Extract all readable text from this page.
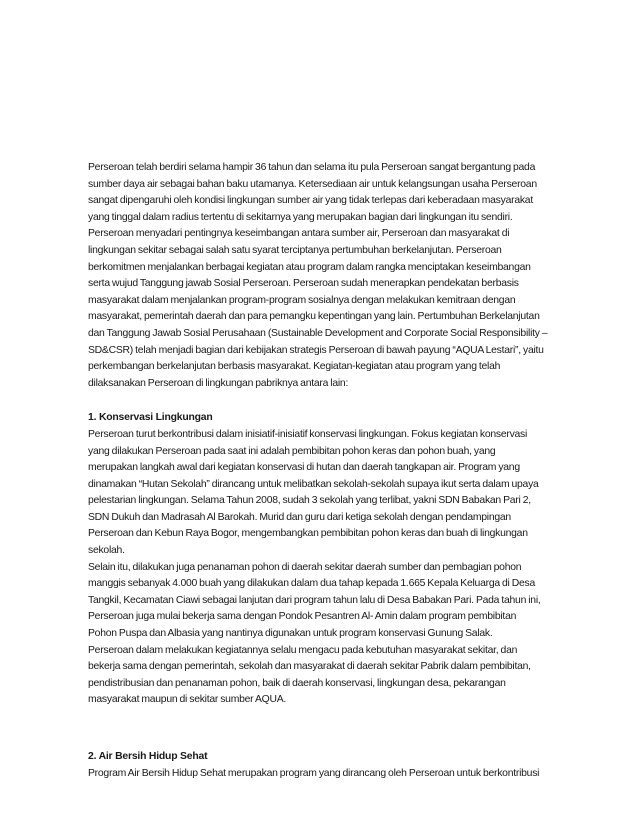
Perseroan telah berdiri selama hampir 36 tahun dan selama itu pula Perseroan sangat bergantung pada
sumber daya air sebagai bahan baku utamanya. Ketersediaan air untuk kelangsungan usaha Perseroan
sangat dipengaruhi oleh kondisi lingkungan sumber air yang tidak terlepas dari keberadaan masyarakat
yang tinggal dalam radius tertentu di sekitarnya yang merupakan bagian dari lingkungan itu sendiri.
Perseroan menyadari pentingnya keseimbangan antara sumber air, Perseroan dan masyarakat di
lingkungan sekitar sebagai salah satu syarat terciptanya pertumbuhan berkelanjutan. Perseroan
berkomitmen menjalankan berbagai kegiatan atau program dalam rangka menciptakan keseimbangan
serta wujud Tanggung jawab Sosial Perseroan. Perseroan sudah menerapkan pendekatan berbasis
masyarakat dalam menjalankan program-program sosialnya dengan melakukan kemitraan dengan
masyarakat, pemerintah daerah dan para pemangku kepentingan yang lain. Pertumbuhan Berkelanjutan
dan Tanggung Jawab Sosial Perusahaan (Sustainable Development and Corporate Social Responsibility –
SD&CSR) telah menjadi bagian dari kebijakan strategis Perseroan di bawah payung “AQUA Lestari”, yaitu
perkembangan berkelanjutan berbasis masyarakat. Kegiatan-kegiatan atau program yang telah
dilaksanakan Perseroan di lingkungan pabriknya antara lain:

1. Konservasi Lingkungan

Perseroan turut berkontribusi dalam inisiatif-inisiatif konservasi lingkungan. Fokus kegiatan konservasi
yang dilakukan Perseroan pada saat ini adalah pembibitan pohon keras dan pohon buah, yang
merupakan langkah awal dari kegiatan konservasi di hutan dan daerah tangkapan air. Program yang
dinamakan “Hutan Sekolah” dirancang untuk melibatkan sekolah-sekolah supaya ikut serta dalam upaya
pelestarian lingkungan. Selama Tahun 2008, sudah 3 sekolah yang terlibat, yakni SDN Babakan Pari 2,
SDN Dukuh dan Madrasah Al Barokah. Murid dan guru dari ketiga sekolah dengan pendampingan
Perseroan dan Kebun Raya Bogor, mengembangkan pembibitan pohon keras dan buah di lingkungan
sekolah.
Selain itu, dilakukan juga penanaman pohon di daerah sekitar daerah sumber dan pembagian pohon
manggis sebanyak 4.000 buah yang dilakukan dalam dua tahap kepada 1.665 Kepala Keluarga di Desa
Tangkil, Kecamatan Ciawi sebagai lanjutan dari program tahun lalu di Desa Babakan Pari. Pada tahun ini,
Perseroan juga mulai bekerja sama dengan Pondok Pesantren Al- Amin dalam program pembibitan
Pohon Puspa dan Albasia yang nantinya digunakan untuk program konservasi Gunung Salak.
Perseroan dalam melakukan kegiatannya selalu mengacu pada kebutuhan masyarakat sekitar, dan
bekerja sama dengan pemerintah, sekolah dan masyarakat di daerah sekitar Pabrik dalam pembibitan,
pendistribusian dan penanaman pohon, baik di daerah konservasi, lingkungan desa, pekarangan
masyarakat maupun di sekitar sumber AQUA.

2. Air Bersih Hidup Sehat

Program Air Bersih Hidup Sehat merupakan program yang dirancang oleh Perseroan untuk berkontribusi
